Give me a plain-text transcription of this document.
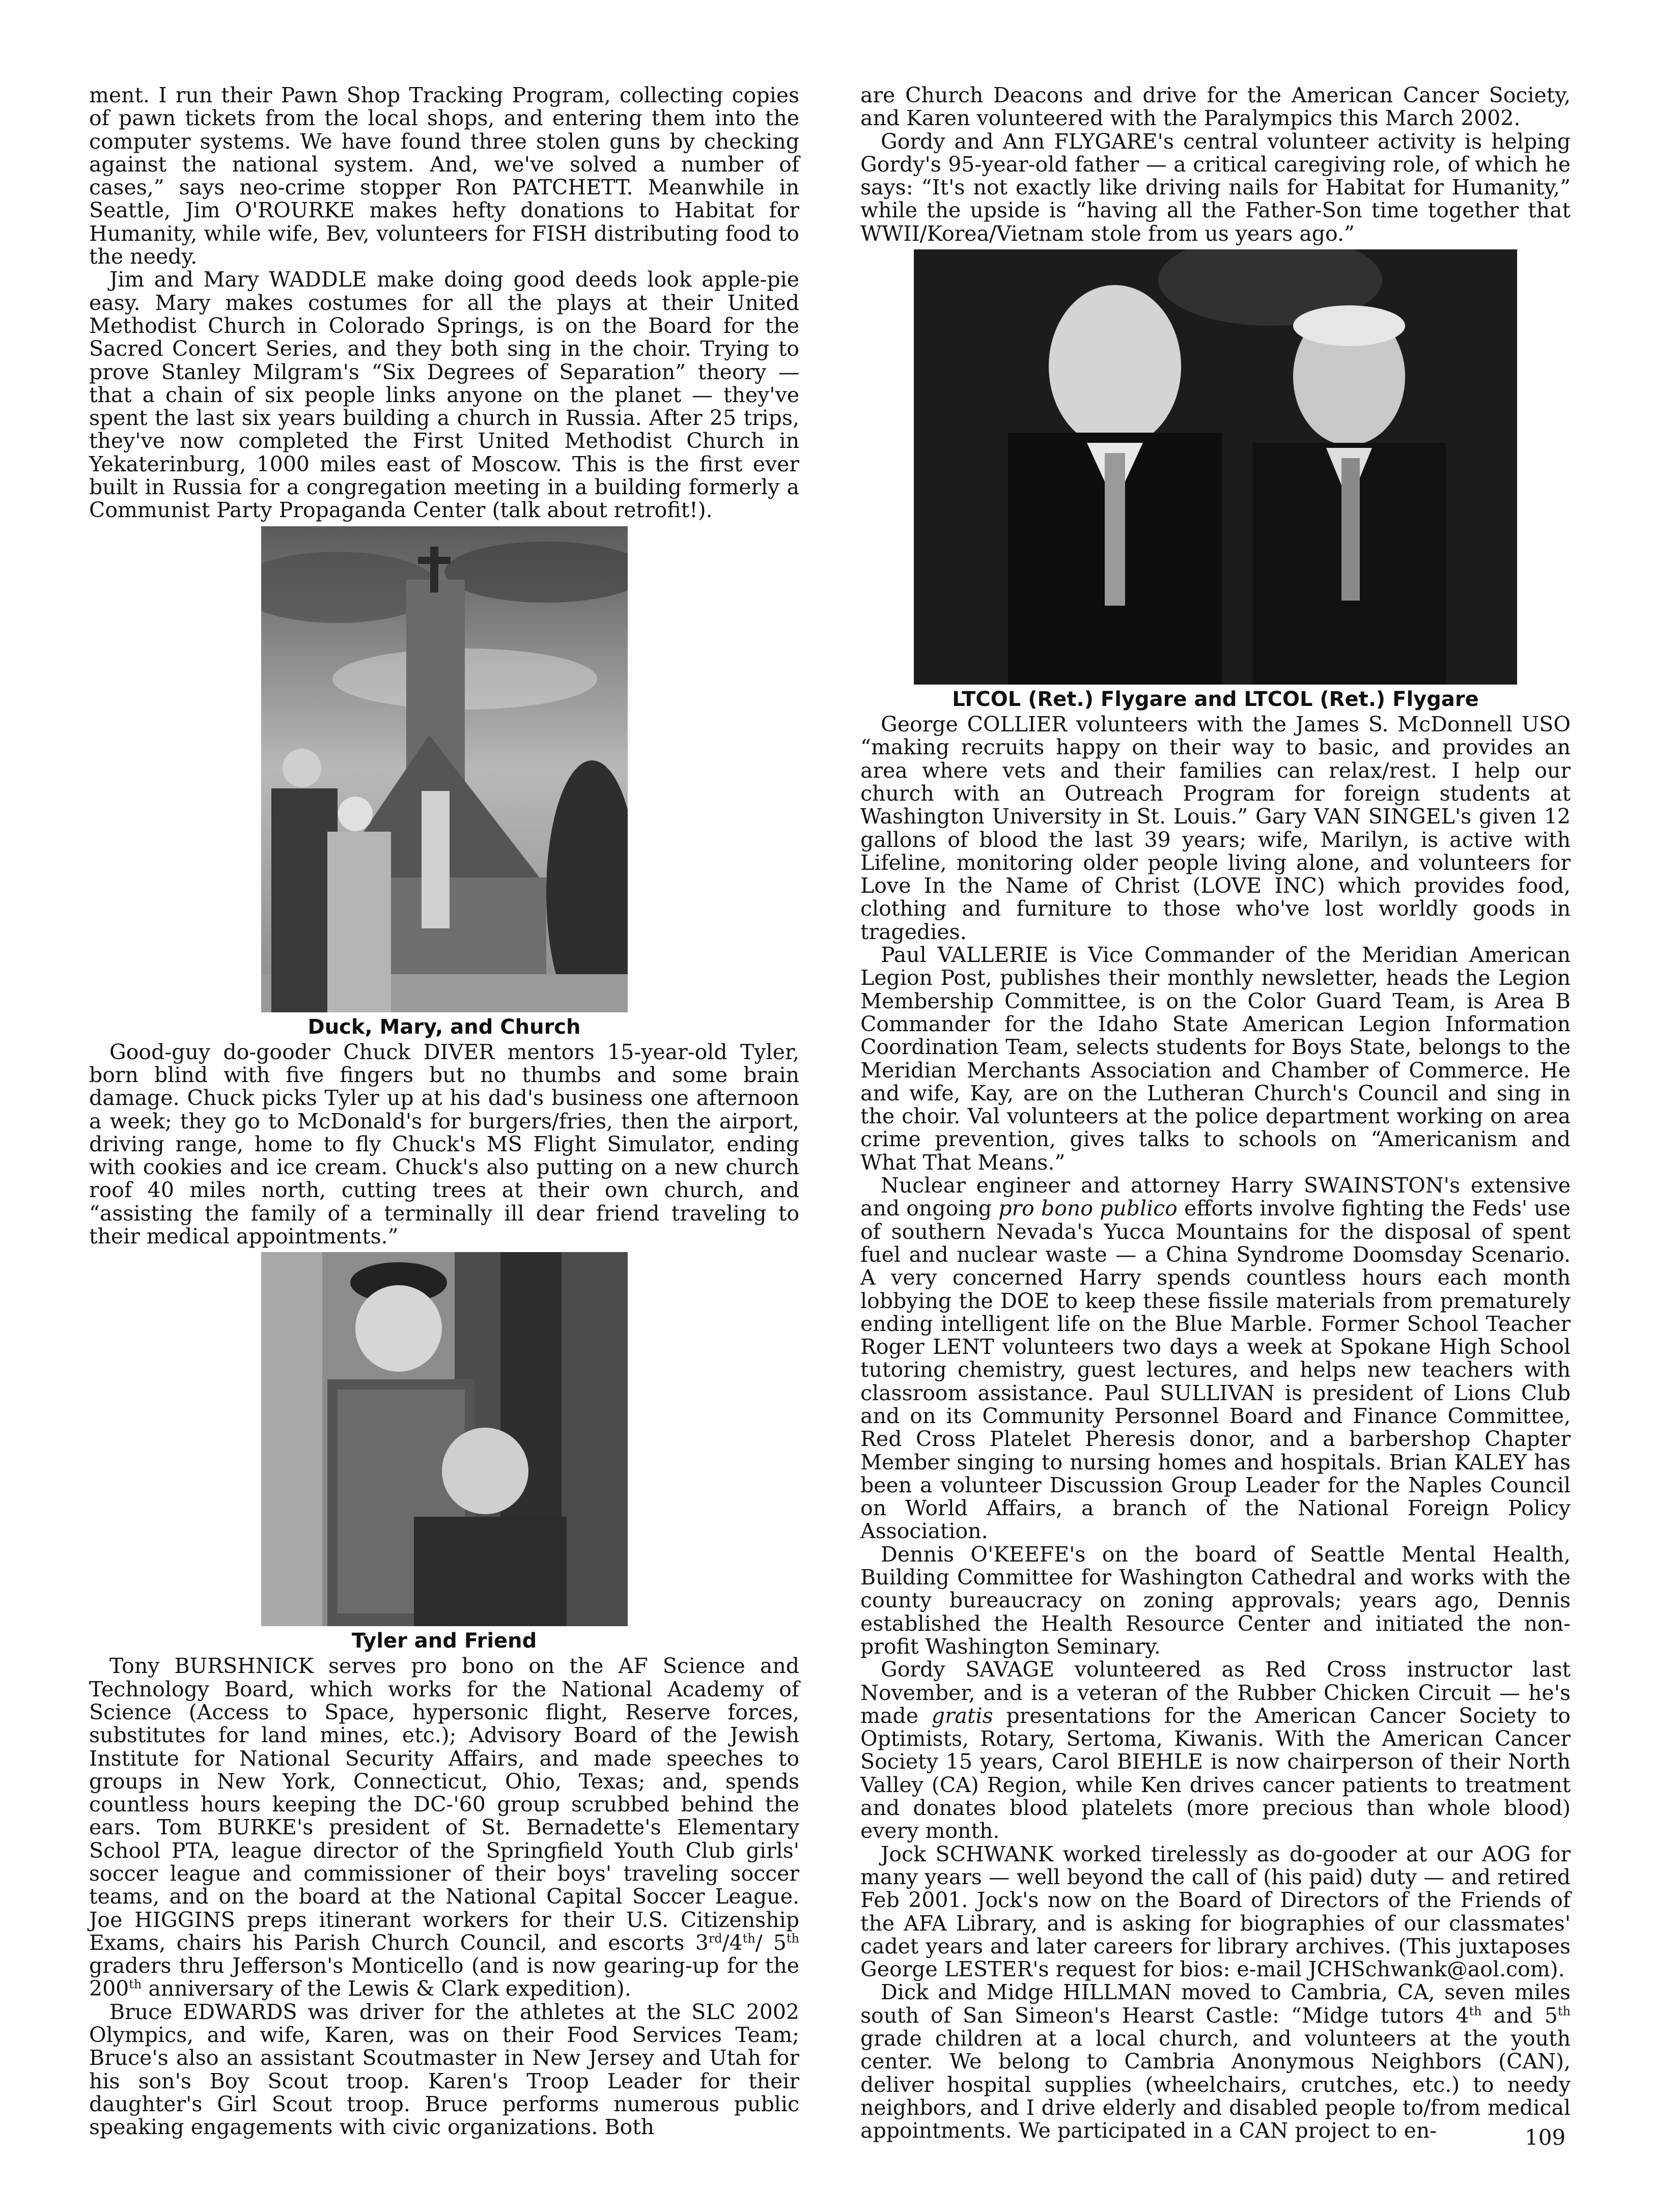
ment. I run their Pawn Shop Tracking Program, collecting copies of pawn tickets from the local shops, and entering them into the computer systems. We have found three stolen guns by checking against the national system. And, we've solved a number of cases,” says neo-crime stopper Ron PATCHETT. Meanwhile in Seattle, Jim O'ROURKE makes hefty donations to Habitat for Humanity, while wife, Bev, volunteers for FISH distributing food to the needy.

Jim and Mary WADDLE make doing good deeds look apple-pie easy. Mary makes costumes for all the plays at their United Methodist Church in Colorado Springs, is on the Board for the Sacred Concert Series, and they both sing in the choir. Trying to prove Stanley Milgram's “Six Degrees of Separation” theory — that a chain of six people links anyone on the planet — they've spent the last six years building a church in Russia. After 25 trips, they've now completed the First United Methodist Church in Yekaterinburg, 1000 miles east of Moscow. This is the first ever built in Russia for a congregation meeting in a building formerly a Communist Party Propaganda Center (talk about retrofit!).

Duck, Mary, and Church

Good-guy do-gooder Chuck DIVER mentors 15-year-old Tyler, born blind with five fingers but no thumbs and some brain damage. Chuck picks Tyler up at his dad's business one afternoon a week; they go to McDonald's for burgers/fries, then the airport, driving range, home to fly Chuck's MS Flight Simulator, ending with cookies and ice cream. Chuck's also putting on a new church roof 40 miles north, cutting trees at their own church, and “assisting the family of a terminally ill dear friend traveling to their medical appointments.”

Tyler and Friend

Tony BURSHNICK serves pro bono on the AF Science and Technology Board, which works for the National Academy of Science (Access to Space, hypersonic flight, Reserve forces, substitutes for land mines, etc.); Advisory Board of the Jewish Institute for National Security Affairs, and made speeches to groups in New York, Connecticut, Ohio, Texas; and, spends countless hours keeping the DC-'60 group scrubbed behind the ears. Tom BURKE's president of St. Bernadette's Elementary School PTA, league director of the Springfield Youth Club girls' soccer league and commissioner of their boys' traveling soccer teams, and on the board at the National Capital Soccer League. Joe HIGGINS preps itinerant workers for their U.S. Citizenship Exams, chairs his Parish Church Council, and escorts 3rd/4th/ 5th graders thru Jefferson's Monticello (and is now gearing-up for the 200th anniversary of the Lewis & Clark expedition).

Bruce EDWARDS was driver for the athletes at the SLC 2002 Olympics, and wife, Karen, was on their Food Services Team; Bruce's also an assistant Scoutmaster in New Jersey and Utah for his son's Boy Scout troop. Karen's Troop Leader for their daughter's Girl Scout troop. Bruce performs numerous public speaking engagements with civic organizations. Both

are Church Deacons and drive for the American Cancer Society, and Karen volunteered with the Paralympics this March 2002.

Gordy and Ann FLYGARE's central volunteer activity is helping Gordy's 95-year-old father — a critical caregiving role, of which he says: “It's not exactly like driving nails for Habitat for Humanity,” while the upside is “having all the Father-Son time together that WWII/Korea/Vietnam stole from us years ago.”

LTCOL (Ret.) Flygare and LTCOL (Ret.) Flygare

George COLLIER volunteers with the James S. McDonnell USO “making recruits happy on their way to basic, and provides an area where vets and their families can relax/rest. I help our church with an Outreach Program for foreign students at Washington University in St. Louis.” Gary VAN SINGEL's given 12 gallons of blood the last 39 years; wife, Marilyn, is active with Lifeline, monitoring older people living alone, and volunteers for Love In the Name of Christ (LOVE INC) which provides food, clothing and furniture to those who've lost worldly goods in tragedies.

Paul VALLERIE is Vice Commander of the Meridian American Legion Post, publishes their monthly newsletter, heads the Legion Membership Committee, is on the Color Guard Team, is Area B Commander for the Idaho State American Legion Information Coordination Team, selects students for Boys State, belongs to the Meridian Merchants Association and Chamber of Commerce. He and wife, Kay, are on the Lutheran Church's Council and sing in the choir. Val volunteers at the police department working on area crime prevention, gives talks to schools on “Americanism and What That Means.”

Nuclear engineer and attorney Harry SWAINSTON's extensive and ongoing pro bono publico efforts involve fighting the Feds' use of southern Nevada's Yucca Mountains for the disposal of spent fuel and nuclear waste — a China Syndrome Doomsday Scenario. A very concerned Harry spends countless hours each month lobbying the DOE to keep these fissile materials from prematurely ending intelligent life on the Blue Marble. Former School Teacher Roger LENT volunteers two days a week at Spokane High School tutoring chemistry, guest lectures, and helps new teachers with classroom assistance. Paul SULLIVAN is president of Lions Club and on its Community Personnel Board and Finance Committee, Red Cross Platelet Pheresis donor, and a barbershop Chapter Member singing to nursing homes and hospitals. Brian KALEY has been a volunteer Discussion Group Leader for the Naples Council on World Affairs, a branch of the National Foreign Policy Association.

Dennis O'KEEFE's on the board of Seattle Mental Health, Building Committee for Washington Cathedral and works with the county bureaucracy on zoning approvals; years ago, Dennis established the Health Resource Center and initiated the non-profit Washington Seminary.

Gordy SAVAGE volunteered as Red Cross instructor last November, and is a veteran of the Rubber Chicken Circuit — he's made gratis presentations for the American Cancer Society to Optimists, Rotary, Sertoma, Kiwanis. With the American Cancer Society 15 years, Carol BIEHLE is now chairperson of their North Valley (CA) Region, while Ken drives cancer patients to treatment and donates blood platelets (more precious than whole blood) every month.

Jock SCHWANK worked tirelessly as do-gooder at our AOG for many years — well beyond the call of (his paid) duty — and retired Feb 2001. Jock's now on the Board of Directors of the Friends of the AFA Library, and is asking for biographies of our classmates' cadet years and later careers for library archives. (This juxtaposes George LESTER's request for bios: e-mail JCHSchwank@aol.com).

Dick and Midge HILLMAN moved to Cambria, CA, seven miles south of San Simeon's Hearst Castle: “Midge tutors 4th and 5th grade children at a local church, and volunteers at the youth center. We belong to Cambria Anonymous Neighbors (CAN), deliver hospital supplies (wheelchairs, crutches, etc.) to needy neighbors, and I drive elderly and disabled people to/from medical appointments. We participated in a CAN project to en-	109
